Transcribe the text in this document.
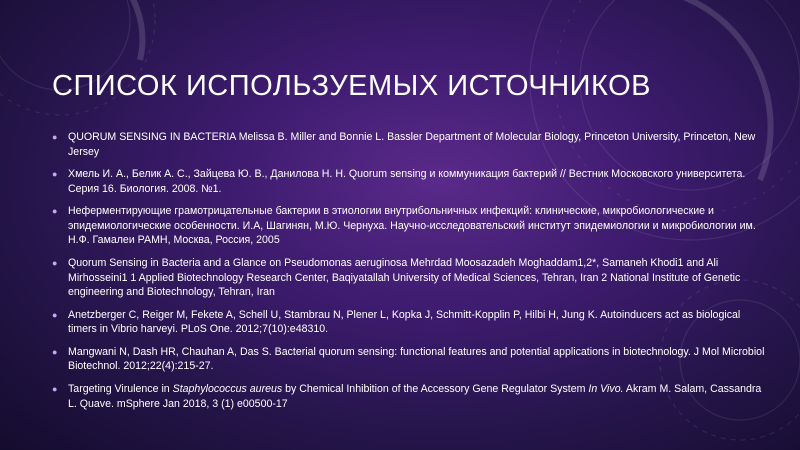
СПИСОК ИСПОЛЬЗУЕМЫХ ИСТОЧНИКОВ
● QUORUM SENSING IN BACTERIA Melissa B. Miller and Bonnie L. Bassler Department of Molecular Biology, Princeton University, Princeton, New Jersey
● Хмель И. А., Белик А. С., Зайцева Ю. В., Данилова Н. Н. Quorum sensing и коммуникация бактерий // Вестник Московского университета. Серия 16. Биология. 2008. №1.
● Неферментирующие грамотрицательные бактерии в этиологии внутрибольничных инфекций: клинические, микробиологические и эпидемиологические особенности. И.А, Шагинян, М.Ю. Чернуха. Научно-исследовательский институт эпидемиологии и микробиологии им. Н.Ф. Гамалеи РАМН, Москва, Россия, 2005
● Quorum Sensing in Bacteria and a Glance on Pseudomonas aeruginosa Mehrdad Moosazadeh Moghaddam1,2*, Samaneh Khodi1 and Ali Mirhosseini1 1 Applied Biotechnology Research Center, Baqiyatallah University of Medical Sciences, Tehran, Iran 2 National Institute of Genetic engineering and Biotechnology, Tehran, Iran
● Anetzberger C, Reiger M, Fekete A, Schell U, Stambrau N, Plener L, Kopka J, Schmitt-Kopplin P, Hilbi H, Jung K. Autoinducers act as biological timers in Vibrio harveyi. PLoS One. 2012;7(10):e48310.
● Mangwani N, Dash HR, Chauhan A, Das S. Bacterial quorum sensing: functional features and potential applications in biotechnology. J Mol Microbiol Biotechnol. 2012;22(4):215-27.
● Targeting Virulence in Staphylococcus aureus by Chemical Inhibition of the Accessory Gene Regulator System In Vivo. Akram M. Salam, Cassandra L. Quave. mSphere Jan 2018, 3 (1) e00500-17
